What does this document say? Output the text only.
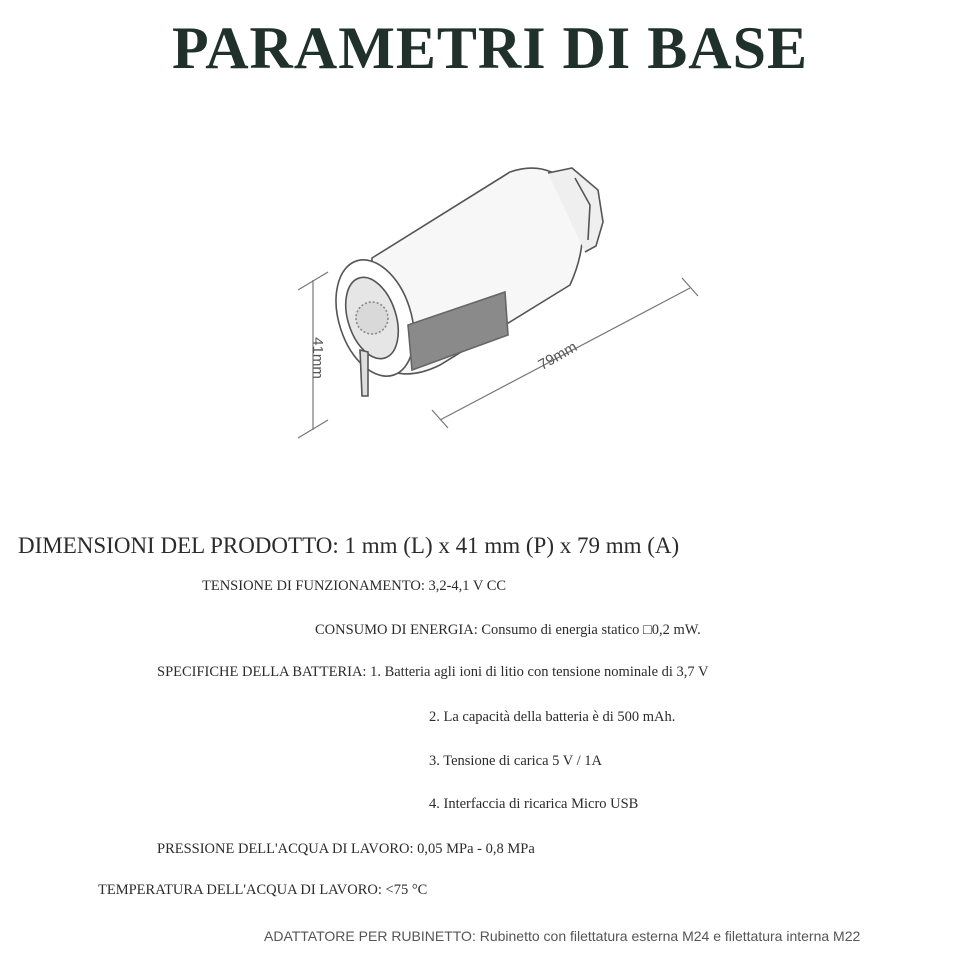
PARAMETRI DI BASE
41mm	79mm
DIMENSIONI DEL PRODOTTO: 1 mm (L) x 41 mm (P) x 79 mm (A)
TENSIONE DI FUNZIONAMENTO: 3,2-4,1 V CC
CONSUMO DI ENERGIA: Consumo di energia statico □0,2 mW.
SPECIFICHE DELLA BATTERIA: 1. Batteria agli ioni di litio con tensione nominale di 3,7 V
2. La capacità della batteria è di 500 mAh.
3. Tensione di carica 5 V / 1A
4. Interfaccia di ricarica Micro USB
PRESSIONE DELL'ACQUA DI LAVORO: 0,05 MPa - 0,8 MPa
TEMPERATURA DELL'ACQUA DI LAVORO: <75 °C
ADATTATORE PER RUBINETTO: Rubinetto con filettatura esterna M24 e filettatura interna M22
